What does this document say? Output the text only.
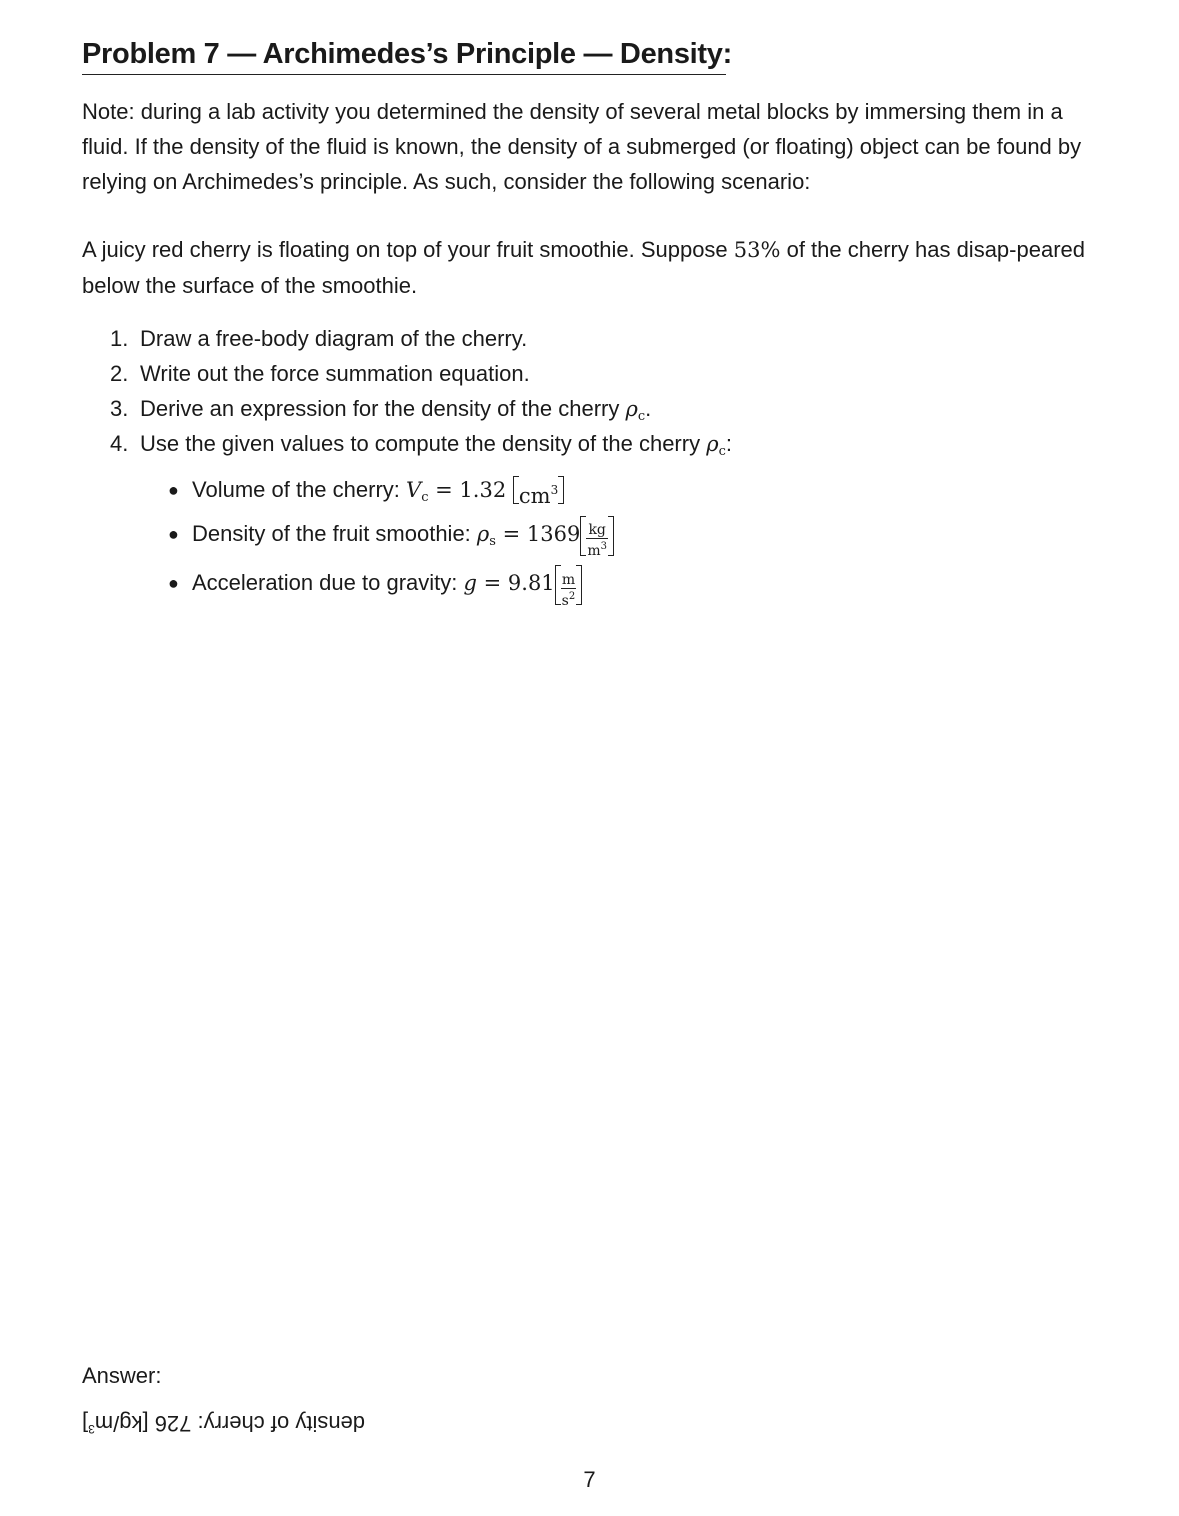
Problem 7 — Archimedes’s Principle — Density:

Note: during a lab activity you determined the density of several metal blocks by immersing them in a fluid. If the density of the fluid is known, the density of a submerged (or floating) object can be found by relying on Archimedes’s principle. As such, consider the following scenario:

A juicy red cherry is floating on top of your fruit smoothie. Suppose 53% of the cherry has disap-peared below the surface of the smoothie.

1. Draw a free-body diagram of the cherry.
2. Write out the force summation equation.
3. Derive an expression for the density of the cherry $\rho_c$.
4. Use the given values to compute the density of the cherry $\rho_c$:
● Volume of the cherry: $V_c = 1.32$ $cm^3$
● Density of the fruit smoothie: $\rho_s = 1369 \frac{kg}{m^3}$
● Acceleration due to gravity: $g = 9.81 \frac{m}{s^2}$

Answer:

density of cherry: 726 $[kg/m^3]$

7
